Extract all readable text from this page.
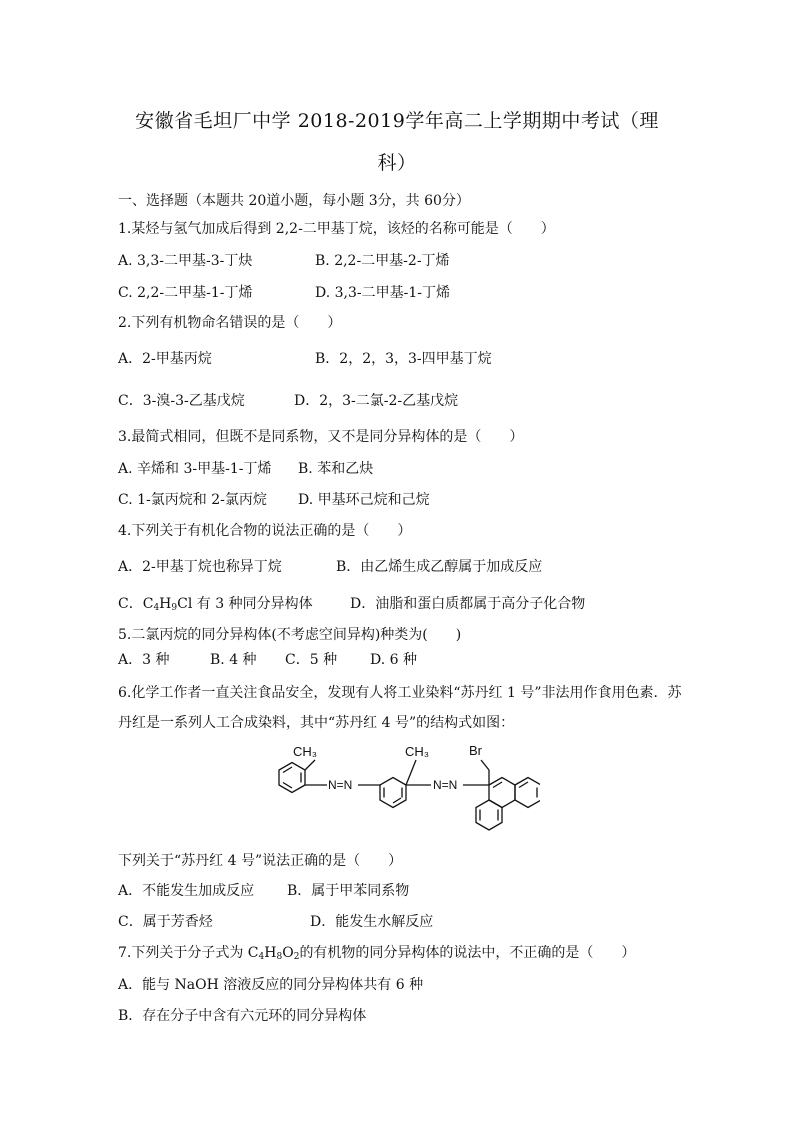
安徽省毛坦厂中学 2018-2019学年高二上学期期中考试（理
科）
一、选择题（本题共 20道小题，每小题 3分，共 60分）
1.某烃与氢气加成后得到 2,2-二甲基丁烷，该烃的名称可能是（　　）
A. 3,3-二甲基-3-丁炔	B. 2,2-二甲基-2-丁烯
C. 2,2-二甲基-1-丁烯	D. 3,3-二甲基-1-丁烯
2.下列有机物命名错误的是（　　）
A．2-甲基丙烷	B．2，2，3，3-四甲基丁烷
C．3-溴-3-乙基戊烷	D．2，3-二氯-2-乙基戊烷
3.最简式相同，但既不是同系物，又不是同分异构体的是（　　）
A. 辛烯和 3-甲基-1-丁烯 B. 苯和乙炔
C. 1-氯丙烷和 2-氯丙烷 D. 甲基环己烷和己烷
4.下列关于有机化合物的说法正确的是（　　）
A．2-甲基丁烷也称异丁烷	B．由乙烯生成乙醇属于加成反应
C．$C_4H_9Cl$ 有 3 种同分异构体	D．油脂和蛋白质都属于高分子化合物
5.二氯丙烷的同分异构体(不考虑空间异构)种类为(　　)
A．3 种	B. 4 种 C．5 种 D. 6 种
6.化学工作者一直关注食品安全，发现有人将工业染料“苏丹红 1 号”非法用作食用色素．苏
丹红是一系列人工合成染料，其中“苏丹红 4 号”的结构式如图：
CH₃
N=N
CH₃
N=N
Br
下列关于“苏丹红 4 号”说法正确的是（　　）
A．不能发生加成反应 B．属于甲苯同系物
C．属于芳香烃	D．能发生水解反应
7.下列关于分子式为 $C_4H_8O_2$的有机物的同分异构体的说法中，不正确的是（　　）
A．能与 NaOH 溶液反应的同分异构体共有 6 种
B．存在分子中含有六元环的同分异构体
